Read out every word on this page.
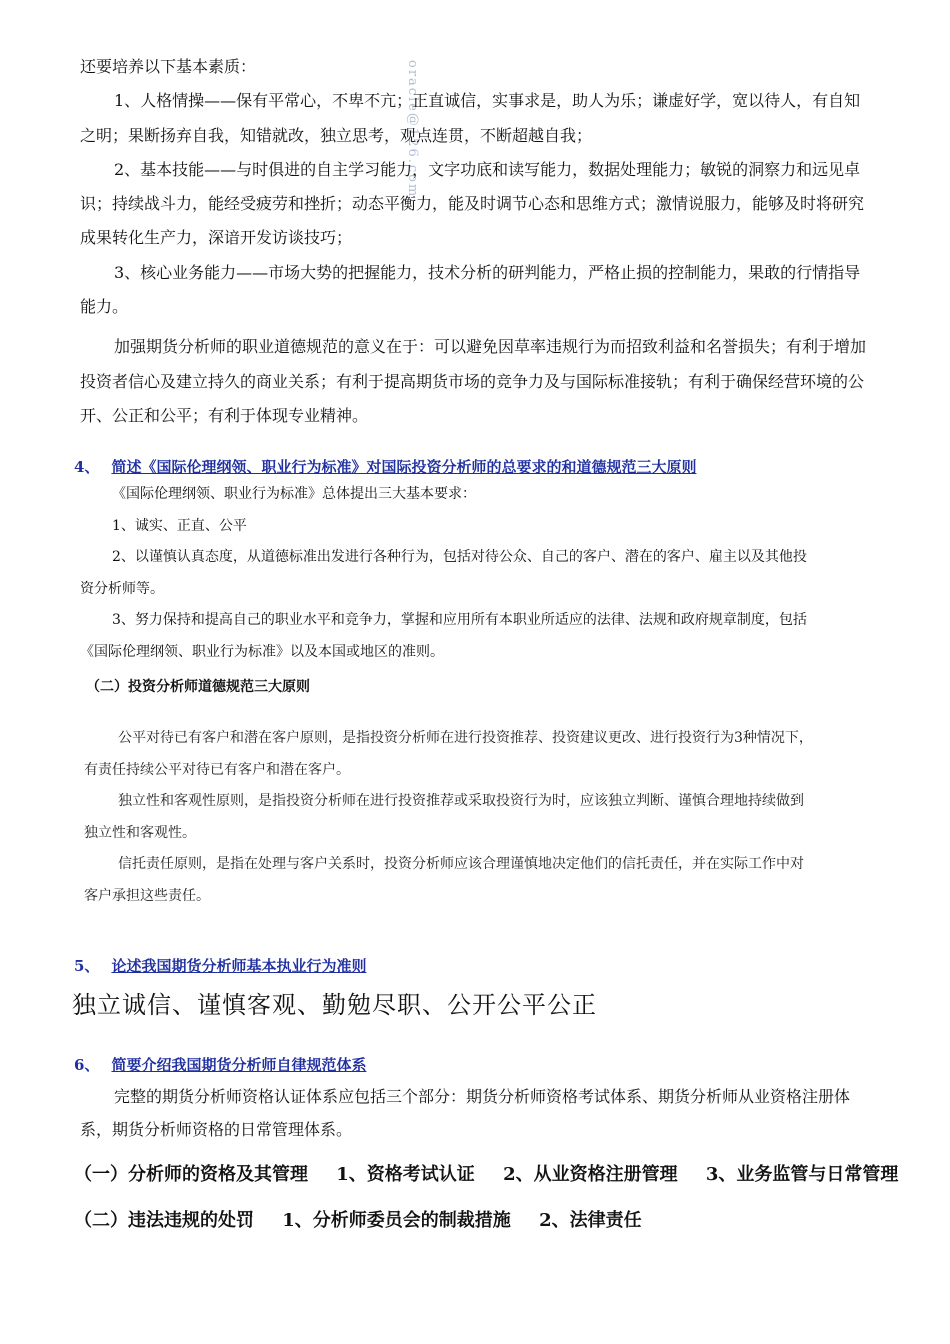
oracle@126.com

还要培养以下基本素质：

1、人格情操——保有平常心，不卑不亢；正直诚信，实事求是，助人为乐；谦虚好学，宽以待人，有自知之明；果断扬弃自我，知错就改，独立思考，观点连贯，不断超越自我；

2、基本技能——与时俱进的自主学习能力，文字功底和读写能力，数据处理能力；敏锐的洞察力和远见卓识；持续战斗力，能经受疲劳和挫折；动态平衡力，能及时调节心态和思维方式；激情说服力，能够及时将研究成果转化生产力，深谙开发访谈技巧；

3、核心业务能力——市场大势的把握能力，技术分析的研判能力，严格止损的控制能力，果敢的行情指导能力。

加强期货分析师的职业道德规范的意义在于：可以避免因草率违规行为而招致利益和名誉损失；有利于增加投资者信心及建立持久的商业关系；有利于提高期货市场的竞争力及与国际标准接轨；有利于确保经营环境的公开、公正和公平；有利于体现专业精神。

4、 简述《国际伦理纲领、职业行为标准》对国际投资分析师的总要求的和道德规范三大原则

《国际伦理纲领、职业行为标准》总体提出三大基本要求：

1、诚实、正直、公平

2、以谨慎认真态度，从道德标准出发进行各种行为，包括对待公众、自己的客户、潜在的客户、雇主以及其他投资分析师等。

3、努力保持和提高自己的职业水平和竞争力，掌握和应用所有本职业所适应的法律、法规和政府规章制度，包括《国际伦理纲领、职业行为标准》以及本国或地区的准则。

（二）投资分析师道德规范三大原则

公平对待已有客户和潜在客户原则，是指投资分析师在进行投资推荐、投资建议更改、进行投资行为3种情况下，有责任持续公平对待已有客户和潜在客户。

独立性和客观性原则，是指投资分析师在进行投资推荐或采取投资行为时，应该独立判断、谨慎合理地持续做到独立性和客观性。

信托责任原则，是指在处理与客户关系时，投资分析师应该合理谨慎地决定他们的信托责任，并在实际工作中对客户承担这些责任。

5、 论述我国期货分析师基本执业行为准则
独立诚信、谨慎客观、勤勉尽职、公开公平公正
6、 简要介绍我国期货分析师自律规范体系

完整的期货分析师资格认证体系应包括三个部分：期货分析师资格考试体系、期货分析师从业资格注册体系，期货分析师资格的日常管理体系。

（一）分析师的资格及其管理 1、资格考试认证 2、从业资格注册管理 3、业务监管与日常管理
（二）违法违规的处罚 1、分析师委员会的制裁措施 2、法律责任
